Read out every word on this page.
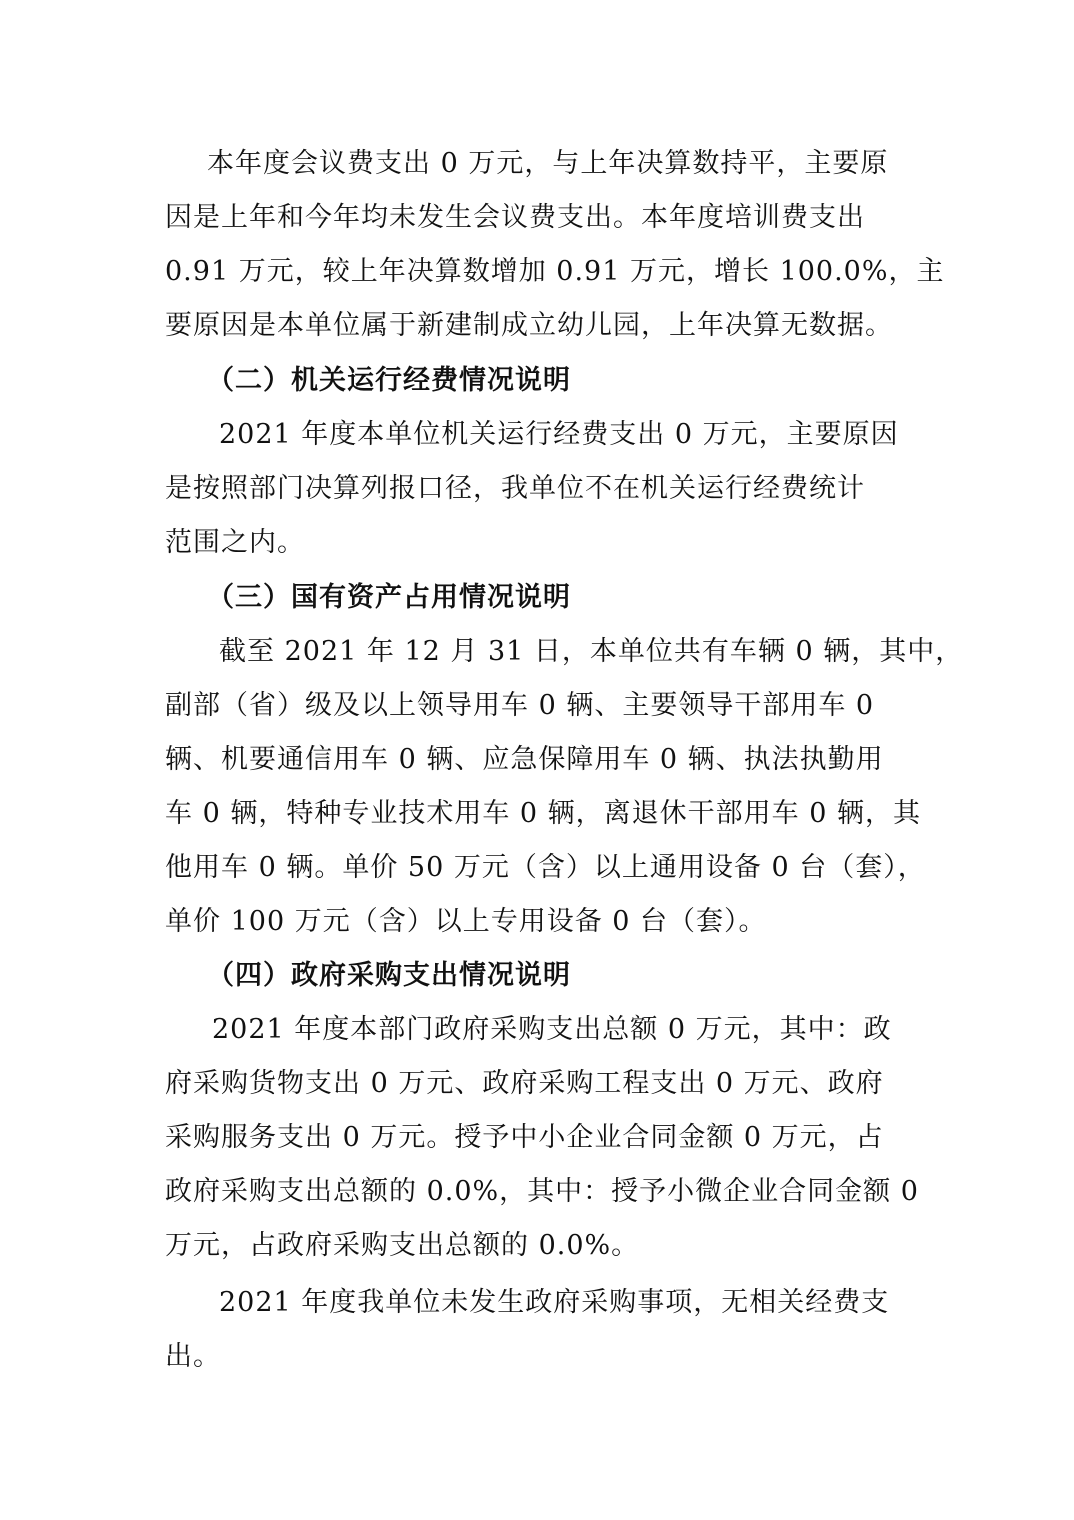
本年度会议费支出 0 万元，与上年决算数持平，主要原
因是上年和今年均未发生会议费支出。本年度培训费支出
0.91 万元，较上年决算数增加 0.91 万元，增长 100.0%，主
要原因是本单位属于新建制成立幼儿园，上年决算无数据。
（二）机关运行经费情况说明
2021 年度本单位机关运行经费支出 0 万元，主要原因
是按照部门决算列报口径，我单位不在机关运行经费统计
范围之内。
（三）国有资产占用情况说明
截至 2021 年 12 月 31 日，本单位共有车辆 0 辆，其中，
副部（省）级及以上领导用车 0 辆、主要领导干部用车 0
辆、机要通信用车 0 辆、应急保障用车 0 辆、执法执勤用
车 0 辆，特种专业技术用车 0 辆，离退休干部用车 0 辆，其
他用车 0 辆。单价 50 万元（含）以上通用设备 0 台（套），
单价 100 万元（含）以上专用设备 0 台（套）。
（四）政府采购支出情况说明
2021 年度本部门政府采购支出总额 0 万元，其中：政
府采购货物支出 0 万元、政府采购工程支出 0 万元、政府
采购服务支出 0 万元。授予中小企业合同金额 0 万元，占
政府采购支出总额的 0.0%，其中：授予小微企业合同金额 0
万元，占政府采购支出总额的 0.0%。
2021 年度我单位未发生政府采购事项，无相关经费支
出。
